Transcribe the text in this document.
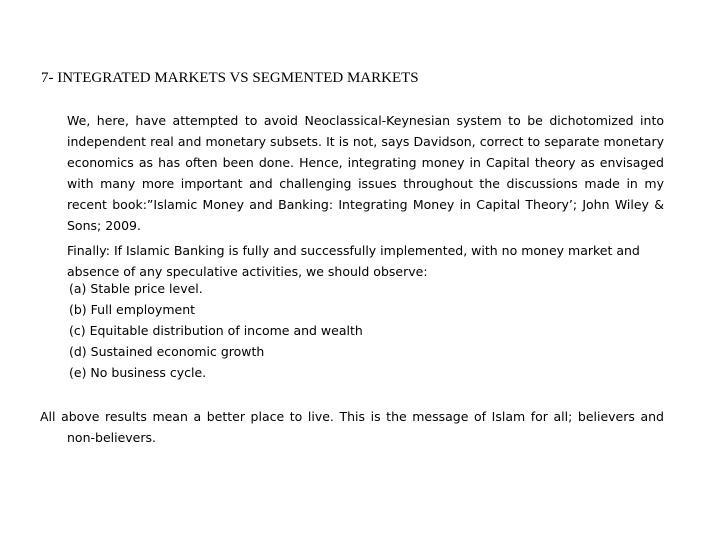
7- INTEGRATED MARKETS VS SEGMENTED MARKETS

We, here, have attempted to avoid Neoclassical-Keynesian system to be dichotomized into independent real and monetary subsets. It is not, says Davidson, correct to separate monetary economics as has often been done. Hence, integrating money in Capital theory as envisaged with many more important and challenging issues throughout the discussions made in my recent book:”Islamic Money and Banking: Integrating Money in Capital Theory’; John Wiley & Sons; 2009.

Finally: If Islamic Banking is fully and successfully implemented, with no money market and absence of any speculative activities, we should observe:

(a) Stable price level.
(b) Full employment
(c) Equitable distribution of income and wealth
(d) Sustained economic growth
(e) No business cycle.

All above results mean a better place to live. This is the message of Islam for all; believers and non-believers.
